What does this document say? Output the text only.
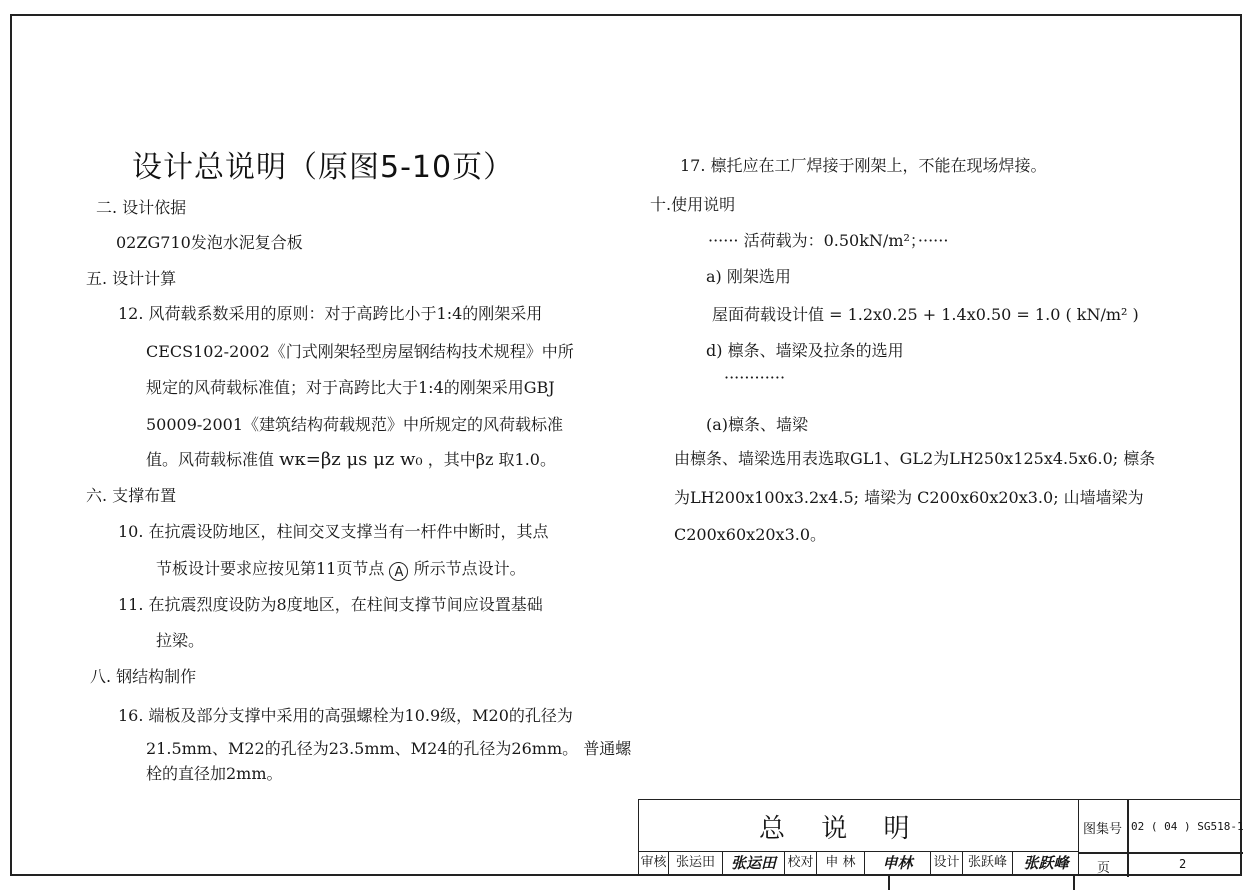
设计总说明（原图5-10页）
二. 设计依据
02ZG710发泡水泥复合板
五. 设计计算
12. 风荷载系数采用的原则：对于高跨比小于1:4的刚架采用
CECS102-2002《门式刚架轻型房屋钢结构技术规程》中所
规定的风荷载标准值；对于高跨比大于1:4的刚架采用GBJ
50009-2001《建筑结构荷载规范》中所规定的风荷载标准
值。风荷载标准值 wκ=βz μs μz w₀ ，其中βz 取1.0。
六. 支撑布置
10. 在抗震设防地区，柱间交叉支撑当有一杆件中断时，其点
节板设计要求应按见第11页节点 A 所示节点设计。
11. 在抗震烈度设防为8度地区，在柱间支撑节间应设置基础
拉梁。
八. 钢结构制作
16. 端板及部分支撑中采用的高强螺栓为10.9级，M20的孔径为
21.5mm、M22的孔径为23.5mm、M24的孔径为26mm。 普通螺
栓的直径加2mm。
17. 檩托应在工厂焊接于刚架上，不能在现场焊接。
十.使用说明
······ 活荷载为：0.50kN/m²；······
a) 刚架选用
屋面荷载设计值 = 1.2x0.25 + 1.4x0.50 = 1.0 ( kN/m² )
d) 檩条、墙梁及拉条的选用
············
(a)檩条、墙梁
由檩条、墙梁选用表选取GL1、GL2为LH250x125x4.5x6.0; 檩条
为LH200x100x3.2x4.5; 墙梁为 C200x60x20x3.0; 山墙墙梁为
C200x60x20x3.0。
总 说 明
审核 张运田	张运田 校对 申 林	申林	设计 张跃峰	张跃峰
图集号 02 ( 04 ) SG518-1
页	2
